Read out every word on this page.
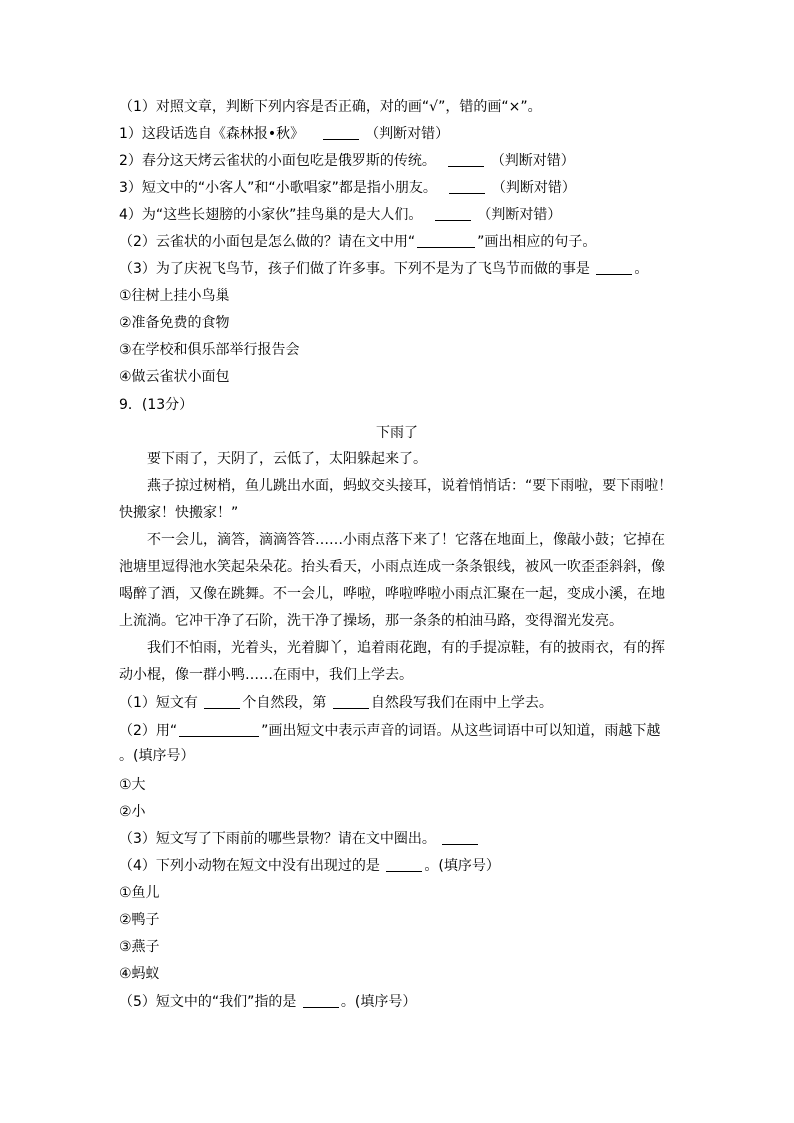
（1）对照文章，判断下列内容是否正确，对的画“√”，错的画“×”。
1）这段话选自《森林报•秋》	（判断对错）
2）春分这天烤云雀状的小面包吃是俄罗斯的传统。	（判断对错）
3）短文中的“小客人”和“小歌唱家”都是指小朋友。	（判断对错）
4）为“这些长翅膀的小家伙”挂鸟巢的是大人们。	（判断对错）
（2）云雀状的小面包是怎么做的？请在文中用“	”画出相应的句子。
（3）为了庆祝飞鸟节，孩子们做了许多事。下列不是为了飞鸟节而做的事是	。
①往树上挂小鸟巢
②准备免费的食物
③在学校和俱乐部举行报告会
④做云雀状小面包
9．(13分）
下雨了
要下雨了，天阴了，云低了，太阳躲起来了。
燕子掠过树梢，鱼儿跳出水面，蚂蚁交头接耳，说着悄悄话：“要下雨啦，要下雨啦！快搬家！快搬家！”
不一会儿，滴答，滴滴答答……小雨点落下来了！它落在地面上，像敲小鼓；它掉在池塘里逗得池水笑起朵朵花。抬头看天，小雨点连成一条条银线，被风一吹歪歪斜斜，像喝醉了酒，又像在跳舞。不一会儿，哗啦，哗啦哗啦小雨点汇聚在一起，变成小溪，在地上流淌。它冲干净了石阶，洗干净了操场，那一条条的柏油马路，变得溜光发亮。
我们不怕雨，光着头，光着脚丫，追着雨花跑，有的手提凉鞋，有的披雨衣，有的挥动小棍，像一群小鸭……在雨中，我们上学去。
（1）短文有	个自然段，第	自然段写我们在雨中上学去。
（2）用“	”画出短文中表示声音的词语。从这些词语中可以知道，雨越下越
。(填序号）
①大
②小
（3）短文写了下雨前的哪些景物？请在文中圈出。
（4）下列小动物在短文中没有出现过的是	。(填序号）
①鱼儿
②鸭子
③燕子
④蚂蚁
（5）短文中的“我们”指的是	。(填序号）
